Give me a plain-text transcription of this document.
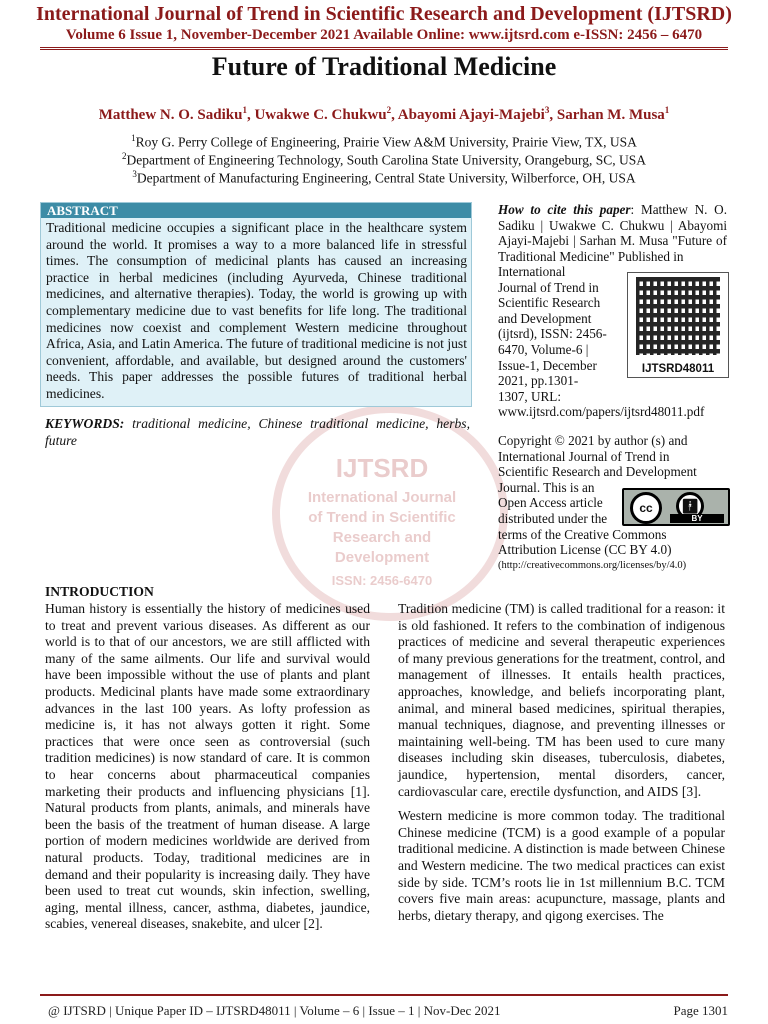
International Journal of Trend in Scientific Research and Development (IJTSRD)
Volume 6 Issue 1, November-December 2021 Available Online: www.ijtsrd.com e-ISSN: 2456 – 6470
Future of Traditional Medicine
Matthew N. O. Sadiku$^1$, Uwakwe C. Chukwu$^2$, Abayomi Ajayi-Majebi$^3$, Sarhan M. Musa$^1$
$^1$Roy G. Perry College of Engineering, Prairie View A&M University, Prairie View, TX, USA
$^2$Department of Engineering Technology, South Carolina State University, Orangeburg, SC, USA
$^3$Department of Manufacturing Engineering, Central State University, Wilberforce, OH, USA
IJTSRD
International Journal
of Trend in Scientific
Research and
Development
ISSN: 2456-6470
ABSTRACT
Traditional medicine occupies a significant place in the healthcare system around the world. It promises a way to a more balanced life in stressful times. The consumption of medicinal plants has caused an increasing practice in herbal medicines (including Ayurveda, Chinese traditional medicines, and alternative therapies). Today, the world is growing up with complementary medicine due to vast benefits for life long. The traditional medicines now coexist and complement Western medicine throughout Africa, Asia, and Latin America. The future of traditional medicine is not just convenient, affordable, and available, but designed around the customers' needs. This paper addresses the possible futures of traditional herbal medicines.
KEYWORDS: traditional medicine, Chinese traditional medicine, herbs, future
How to cite this paper: Matthew N. O. Sadiku | Uwakwe C. Chukwu | Abayomi Ajayi-Majebi | Sarhan M. Musa "Future of Traditional Medicine" Published in
International
Journal of Trend in
Scientific Research
and Development
(ijtsrd), ISSN: 2456-
6470, Volume-6 |
Issue-1, December
2021, pp.1301-
1307, URL:
www.ijtsrd.com/papers/ijtsrd48011.pdf
IJTSRD48011
Copyright © 2021 by author (s) and
International Journal of Trend in
Scientific Research and Development
Journal. This is an
Open Access article
distributed under the
terms of the Creative Commons
Attribution License (CC BY 4.0)
(http://creativecommons.org/licenses/by/4.0)
cc	🚹︎
BY
INTRODUCTION

Human history is essentially the history of medicines used to treat and prevent various diseases. As different as our world is to that of our ancestors, we are still afflicted with many of the same ailments. Our life and survival would have been impossible without the use of plants and plant products. Medicinal plants have made some extraordinary advances in the last 100 years. As lofty profession as medicine is, it has not always gotten it right. Some practices that were once seen as controversial (such tradition medicines) is now standard of care. It is common to hear concerns about pharmaceutical companies marketing their products and influencing physicians [1]. Natural products from plants, animals, and minerals have been the basis of the treatment of human disease. A large portion of modern medicines worldwide are derived from natural products. Today, traditional medicines are in demand and their popularity is increasing daily. They have been used to treat cut wounds, skin infection, swelling, aging, mental illness, cancer, asthma, diabetes, jaundice, scabies, venereal diseases, snakebite, and ulcer [2].

Tradition medicine (TM) is called traditional for a reason: it is old fashioned. It refers to the combination of indigenous practices of medicine and several therapeutic experiences of many previous generations for the treatment, control, and management of illnesses. It entails health practices, approaches, knowledge, and beliefs incorporating plant, animal, and mineral based medicines, spiritual therapies, manual techniques, diagnose, and preventing illnesses or maintaining well-being. TM has been used to cure many diseases including skin diseases, tuberculosis, diabetes, jaundice, hypertension, mental disorders, cancer, cardiovascular care, erectile dysfunction, and AIDS [3].

Western medicine is more common today. The traditional Chinese medicine (TCM) is a good example of a popular traditional medicine. A distinction is made between Chinese and Western medicine. The two medical practices can exist side by side. TCM’s roots lie in 1st millennium B.C. TCM covers five main areas: acupuncture, massage, plants and herbs, dietary therapy, and qigong exercises. The

@ IJTSRD | Unique Paper ID – IJTSRD48011 | Volume – 6 | Issue – 1 | Nov-Dec 2021	Page 1301
